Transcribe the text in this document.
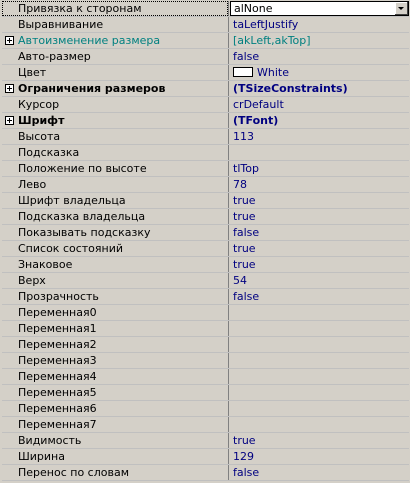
Привязка к сторонам	alNone
Выравнивание	taLeftJustify
Автоизменение размера	[akLeft,akTop]
Авто-размер	false
Цвет	White
Ограничения размеров	(TSizeConstraints)
Курсор	crDefault
Шрифт	(TFont)
Высота	113
Подсказка
Положение по высоте	tlTop
Лево	78
Шрифт владельца	true
Подсказка владельца	true
Показывать подсказку	false
Список состояний	true
Знаковое	true
Верх	54
Прозрачность	false
Переменная0
Переменная1
Переменная2
Переменная3
Переменная4
Переменная5
Переменная6
Переменная7
Видимость	true
Ширина	129
Перенос по словам	false
